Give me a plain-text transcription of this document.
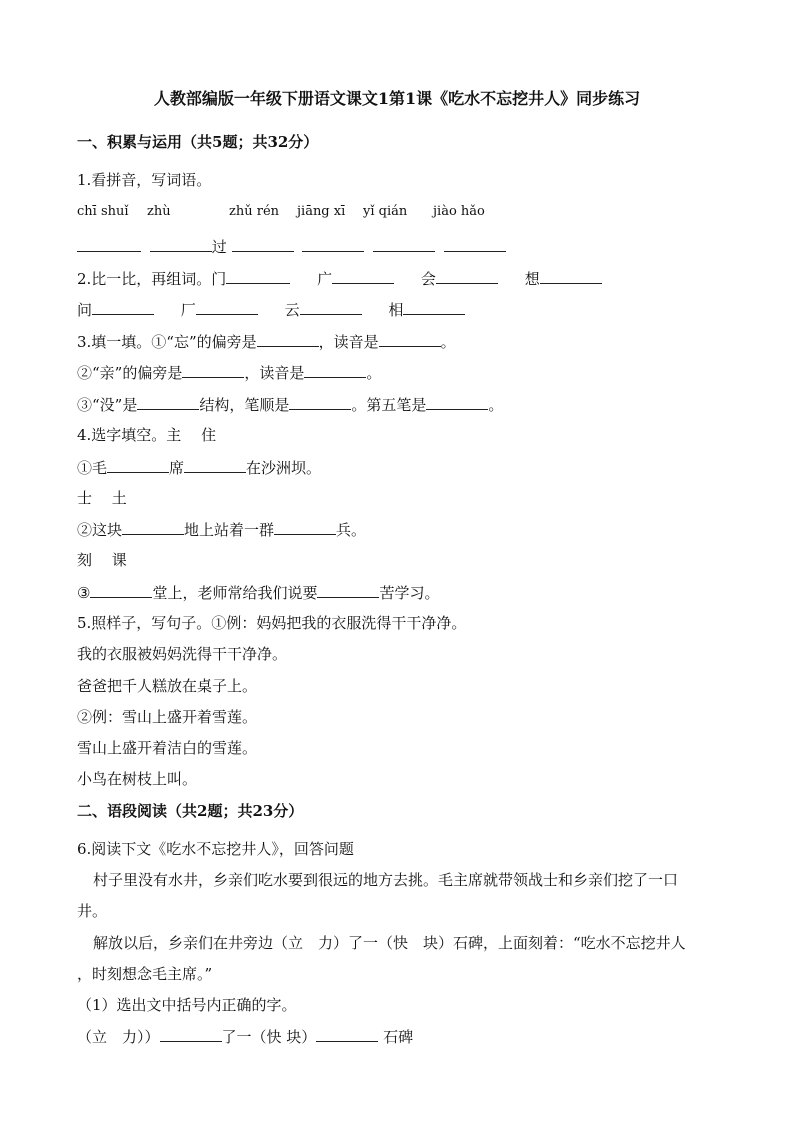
人教部编版一年级下册语文课文1第1课《吃水不忘挖井人》同步练习
一、积累与运用（共5题；共32分）
1.看拼音，写词语。
chī shuǐ zhù	zhǔ rén jiāng xī yǐ qián jiào hǎo
过
2.比一比，再组词。门	广	会	想
问	厂	云	相
3.填一填。①“忘”的偏旁是	，读音是	。
②“亲”的偏旁是	，读音是	。
③“没”是	结构，笔顺是	。第五笔是	。
4.选字填空。主　 住
①毛	席	在沙洲坝。
士　 土
②这块	地上站着一群	兵。
刻　 课
③	堂上，老师常给我们说要	苦学习。
5.照样子，写句子。①例：妈妈把我的衣服洗得干干净净。
我的衣服被妈妈洗得干干净净。
爸爸把千人糕放在桌子上。
②例：雪山上盛开着雪莲。
雪山上盛开着洁白的雪莲。
小鸟在树枝上叫。
二、语段阅读（共2题；共23分）
6.阅读下文《吃水不忘挖井人》，回答问题
村子里没有水井，乡亲们吃水要到很远的地方去挑。毛主席就带领战士和乡亲们挖了一口
井。
解放以后，乡亲们在井旁边（立　力）了一（快　块）石碑，上面刻着：“吃水不忘挖井人
，时刻想念毛主席。”
（1）选出文中括号内正确的字。
（立　力））	了一（快 块）	石碑
